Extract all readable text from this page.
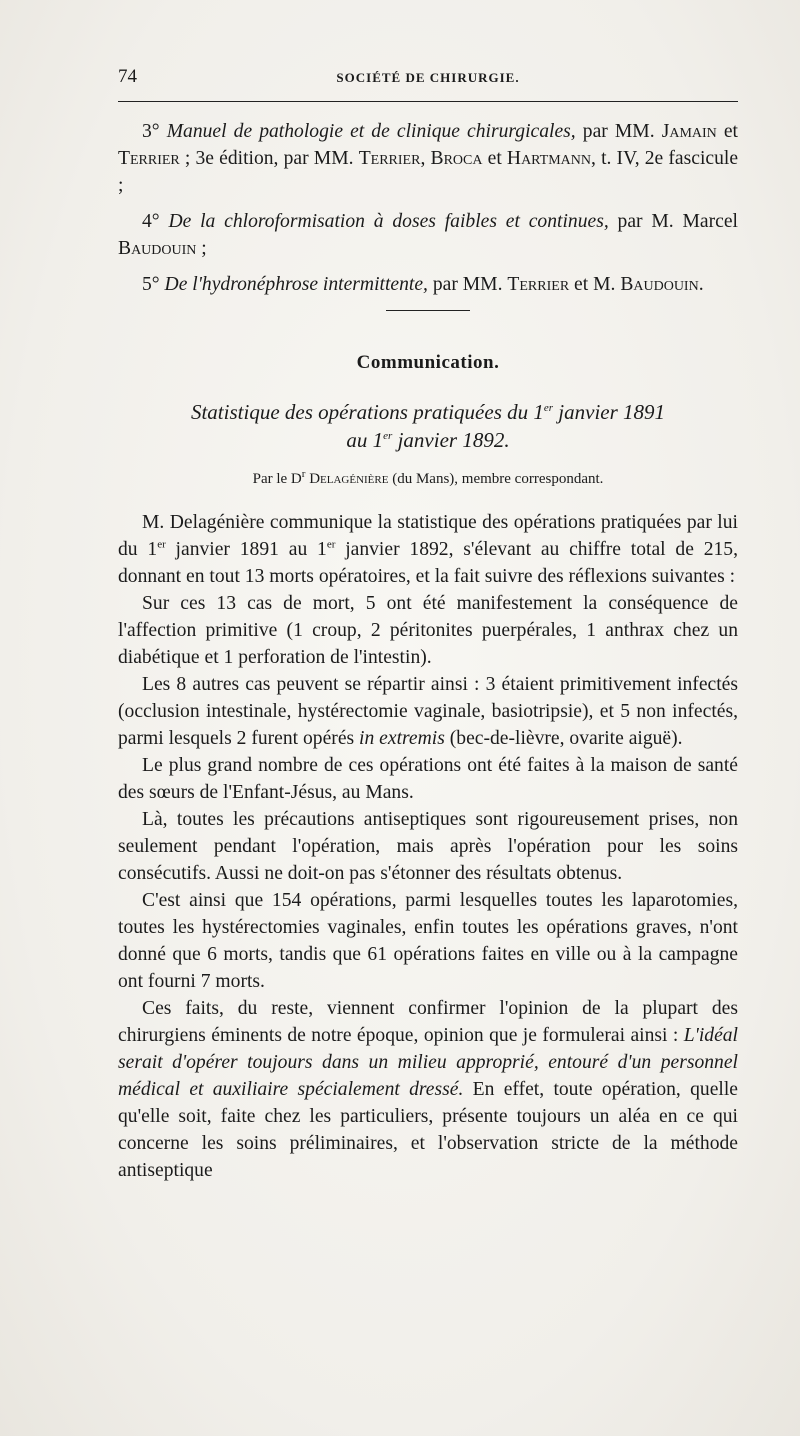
74	SOCIÉTÉ DE CHIRURGIE.

3° Manuel de pathologie et de clinique chirurgicales, par MM. Jamain et Terrier ; 3e édition, par MM. Terrier, Broca et Hartmann, t. IV, 2e fascicule ;

4° De la chloroformisation à doses faibles et continues, par M. Marcel Baudouin ;

5° De l'hydronéphrose intermittente, par MM. Terrier et M. Baudouin.

Communication.

Statistique des opérations pratiquées du 1er janvier 1891
au 1er janvier 1892.

Par le $D^r$ Delagénière (du Mans), membre correspondant.

M. Delagénière communique la statistique des opérations pratiquées par lui du 1er janvier 1891 au 1er janvier 1892, s'élevant au chiffre total de 215, donnant en tout 13 morts opératoires, et la fait suivre des réflexions suivantes :

Sur ces 13 cas de mort, 5 ont été manifestement la conséquence de l'affection primitive (1 croup, 2 péritonites puerpérales, 1 anthrax chez un diabétique et 1 perforation de l'intestin).

Les 8 autres cas peuvent se répartir ainsi : 3 étaient primitivement infectés (occlusion intestinale, hystérectomie vaginale, basiotripsie), et 5 non infectés, parmi lesquels 2 furent opérés in extremis (bec-de-lièvre, ovarite aiguë).

Le plus grand nombre de ces opérations ont été faites à la maison de santé des sœurs de l'Enfant-Jésus, au Mans.

Là, toutes les précautions antiseptiques sont rigoureusement prises, non seulement pendant l'opération, mais après l'opération pour les soins consécutifs. Aussi ne doit-on pas s'étonner des résultats obtenus.

C'est ainsi que 154 opérations, parmi lesquelles toutes les laparotomies, toutes les hystérectomies vaginales, enfin toutes les opérations graves, n'ont donné que 6 morts, tandis que 61 opérations faites en ville ou à la campagne ont fourni 7 morts.

Ces faits, du reste, viennent confirmer l'opinion de la plupart des chirurgiens éminents de notre époque, opinion que je formulerai ainsi : L'idéal serait d'opérer toujours dans un milieu approprié, entouré d'un personnel médical et auxiliaire spécialement dressé. En effet, toute opération, quelle qu'elle soit, faite chez les particuliers, présente toujours un aléa en ce qui concerne les soins préliminaires, et l'observation stricte de la méthode antiseptique
